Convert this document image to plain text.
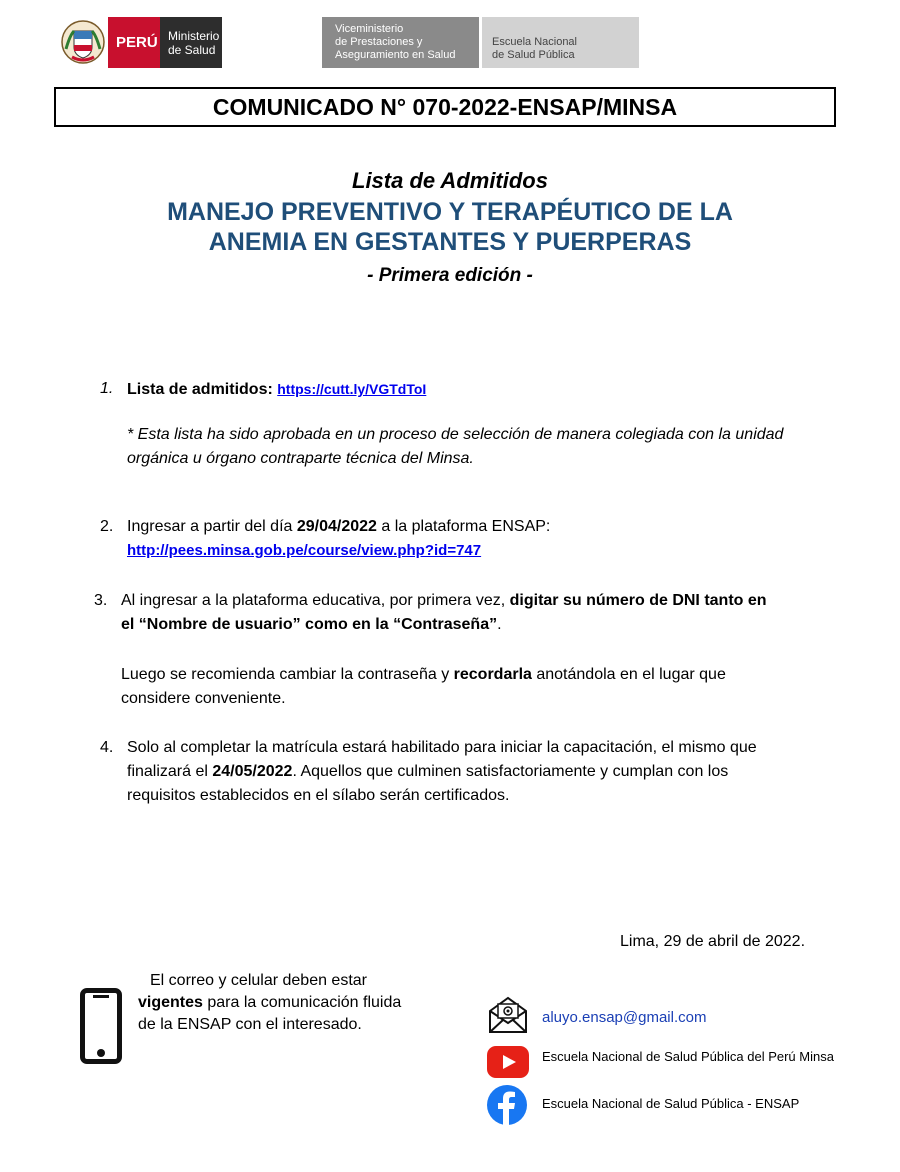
PERÚ Ministerio
de Salud
Viceministerio
de Prestaciones y
Aseguramiento en Salud
Escuela Nacional
de Salud Pública
COMUNICADO N° 070-2022-ENSAP/MINSA
Lista de Admitidos
MANEJO PREVENTIVO Y TERAPÉUTICO DE LA
ANEMIA EN GESTANTES Y PUERPERAS
- Primera edición -
1. Lista de admitidos: https://cutt.ly/VGTdToI
* Esta lista ha sido aprobada en un proceso de selección de manera colegiada con la unidad
orgánica u órgano contraparte técnica del Minsa.
2. Ingresar a partir del día 29/04/2022 a la plataforma ENSAP:
http://pees.minsa.gob.pe/course/view.php?id=747
3. Al ingresar a la plataforma educativa, por primera vez, digitar su número de DNI tanto en
el “Nombre de usuario” como en la “Contraseña”.
Luego se recomienda cambiar la contraseña y recordarla anotándola en el lugar que
considere conveniente.
4. Solo al completar la matrícula estará habilitado para iniciar la capacitación, el mismo que
finalizará el 24/05/2022. Aquellos que culminen satisfactoriamente y cumplan con los
requisitos establecidos en el sílabo serán certificados.
Lima, 29 de abril de 2022.
El correo y celular deben estar
vigentes para la comunicación fluida
de la ENSAP con el interesado.	aluyo.ensap@gmail.com
Escuela Nacional de Salud Pública del Perú Minsa
Escuela Nacional de Salud Pública - ENSAP
